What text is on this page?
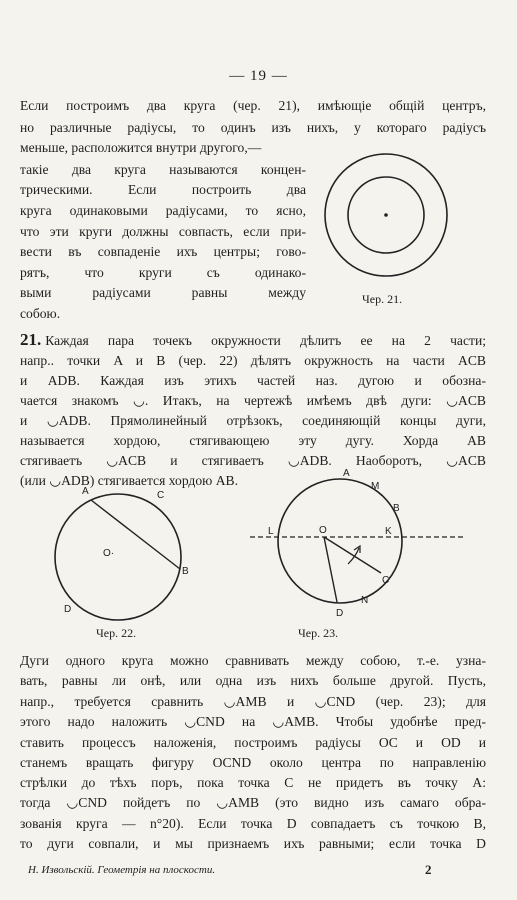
— 19 —
Если построимъ два круга (чер. 21), имѣющіе общій центръ,
но различные радіусы, то одинъ изъ нихъ, у котораго радіусъ
меньше, расположится внутри другого,—
такіе два круга называются концен-
трическими. Если построить два
круга одинаковыми радіусами, то ясно,
что эти круги должны совпасть, если при-
вести въ совпаденіе ихъ центры; гово-
рятъ, что круги съ одинако-
выми радіусами равны между
собою.
Чер. 21.
21. Каждая пара точекъ окружности дѣлитъ ее на 2 части;
напр.. точки A и B (чер. 22) дѣлятъ окружность на части ACB
и ADB. Каждая изъ этихъ частей наз. дугою и обозна-
чается знакомъ ◡. Итакъ, на чертежѣ имѣемъ двѣ дуги: ◡ACB
и ◡ADB. Прямолинейный отрѣзокъ, соединяющій концы дуги,
называется хордою, стягивающею эту дугу. Хорда AB
стягиваетъ ◡ACB и стягиваетъ ◡ADB. Наоборотъ, ◡ACB
(или ◡ADB) стягивается хордою AB.
A	C
B
D
O·
Чер. 22.
A
M
B
K
L	O
C
N
D
Чер. 23.
Дуги одного круга можно сравнивать между собою, т.-е. узна-
вать, равны ли онѣ, или одна изъ нихъ больше другой. Пусть,
напр., требуется сравнить ◡AMB и ◡CND (чер. 23); для
этого надо наложить ◡CND на ◡AMB. Чтобы удобнѣе пред-
ставить процессъ наложенія, построимъ радіусы OC и OD и
станемъ вращать фигуру OCND около центра по направленію
стрѣлки до тѣхъ поръ, пока точка C не придетъ въ точку A:
тогда ◡CND пойдетъ по ◡AMB (это видно изъ самаго обра-
зованія круга — n°20). Если точка D совпадаетъ съ точкою B,
то дуги совпали, и мы признаемъ ихъ равными; если точка D
Н. Извольскій. Геометрія на плоскости.	2
